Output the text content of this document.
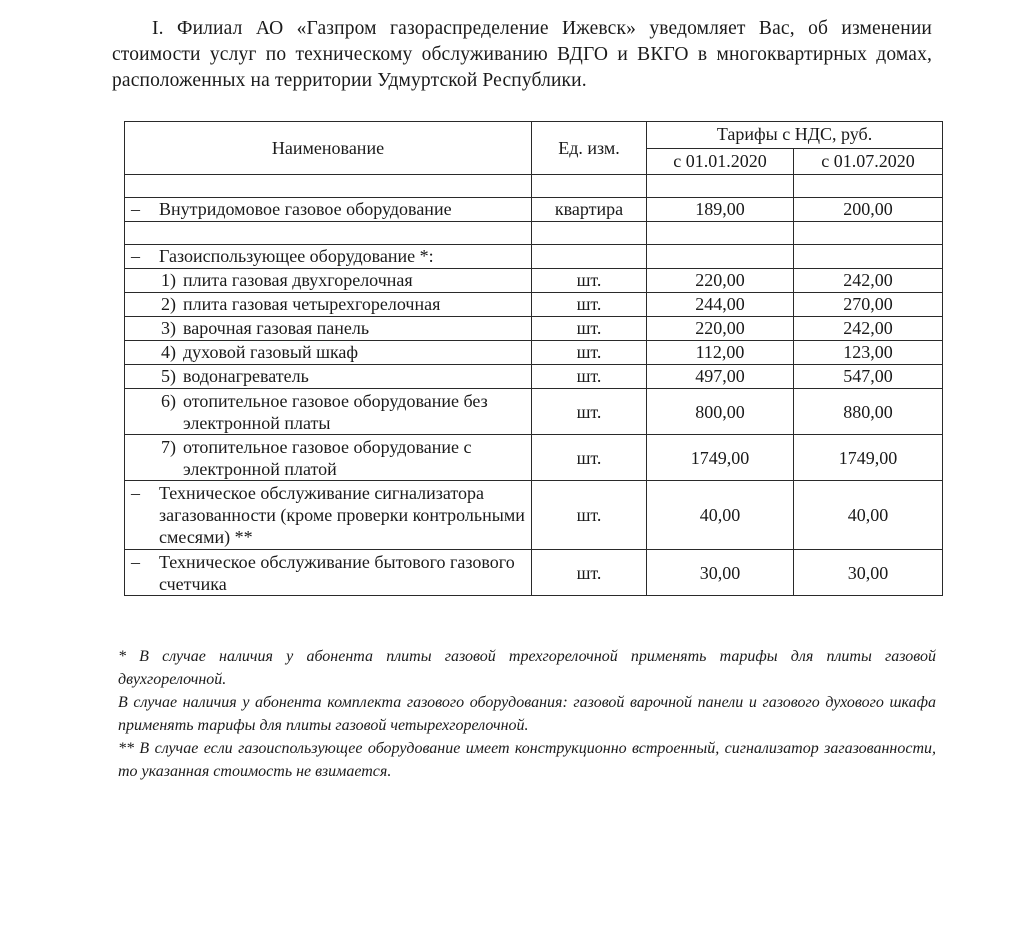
I. Филиал АО «Газпром газораспределение Ижевск» уведомляет Вас, об изменении стоимости услуг по техническому обслуживанию ВДГО и ВКГО в многоквартирных домах, расположенных на территории Удмуртской Республики.
Наименование	Ед. изм.	Тарифы с НДС, руб.	
		с 01.01.2020	с 01.07.2020

– Внутридомовое газовое оборудование	квартира	189,00	200,00

– Газоиспользующее оборудование *:			
1) плита газовая двухгорелочная	шт.	220,00	242,00
2) плита газовая четырехгорелочная	шт.	244,00	270,00
3) варочная газовая панель	шт.	220,00	242,00
4) духовой газовый шкаф	шт.	112,00	123,00
5) водонагреватель	шт.	497,00	547,00

6) отопительное газовое оборудование без электронной платы	шт.	800,00	880,00

7) отопительное газовое оборудование с электронной платой	шт.	1749,00	1749,00

– Техническое обслуживание сигнализатора загазованности (кроме проверки контрольными смесями) **	шт.	40,00	40,00

– Техническое обслуживание бытового газового счетчика	шт.	30,00	30,00

* В случае наличия у абонента плиты газовой трехгорелочной применять тарифы для плиты газовой двухгорелочной.

В случае наличия у абонента комплекта газового оборудования: газовой варочной панели и газового духового шкафа применять тарифы для плиты газовой четырехгорелочной.

** В случае если газоиспользующее оборудование имеет конструкционно встроенный, сигнализатор загазованности, то указанная стоимость не взимается.
